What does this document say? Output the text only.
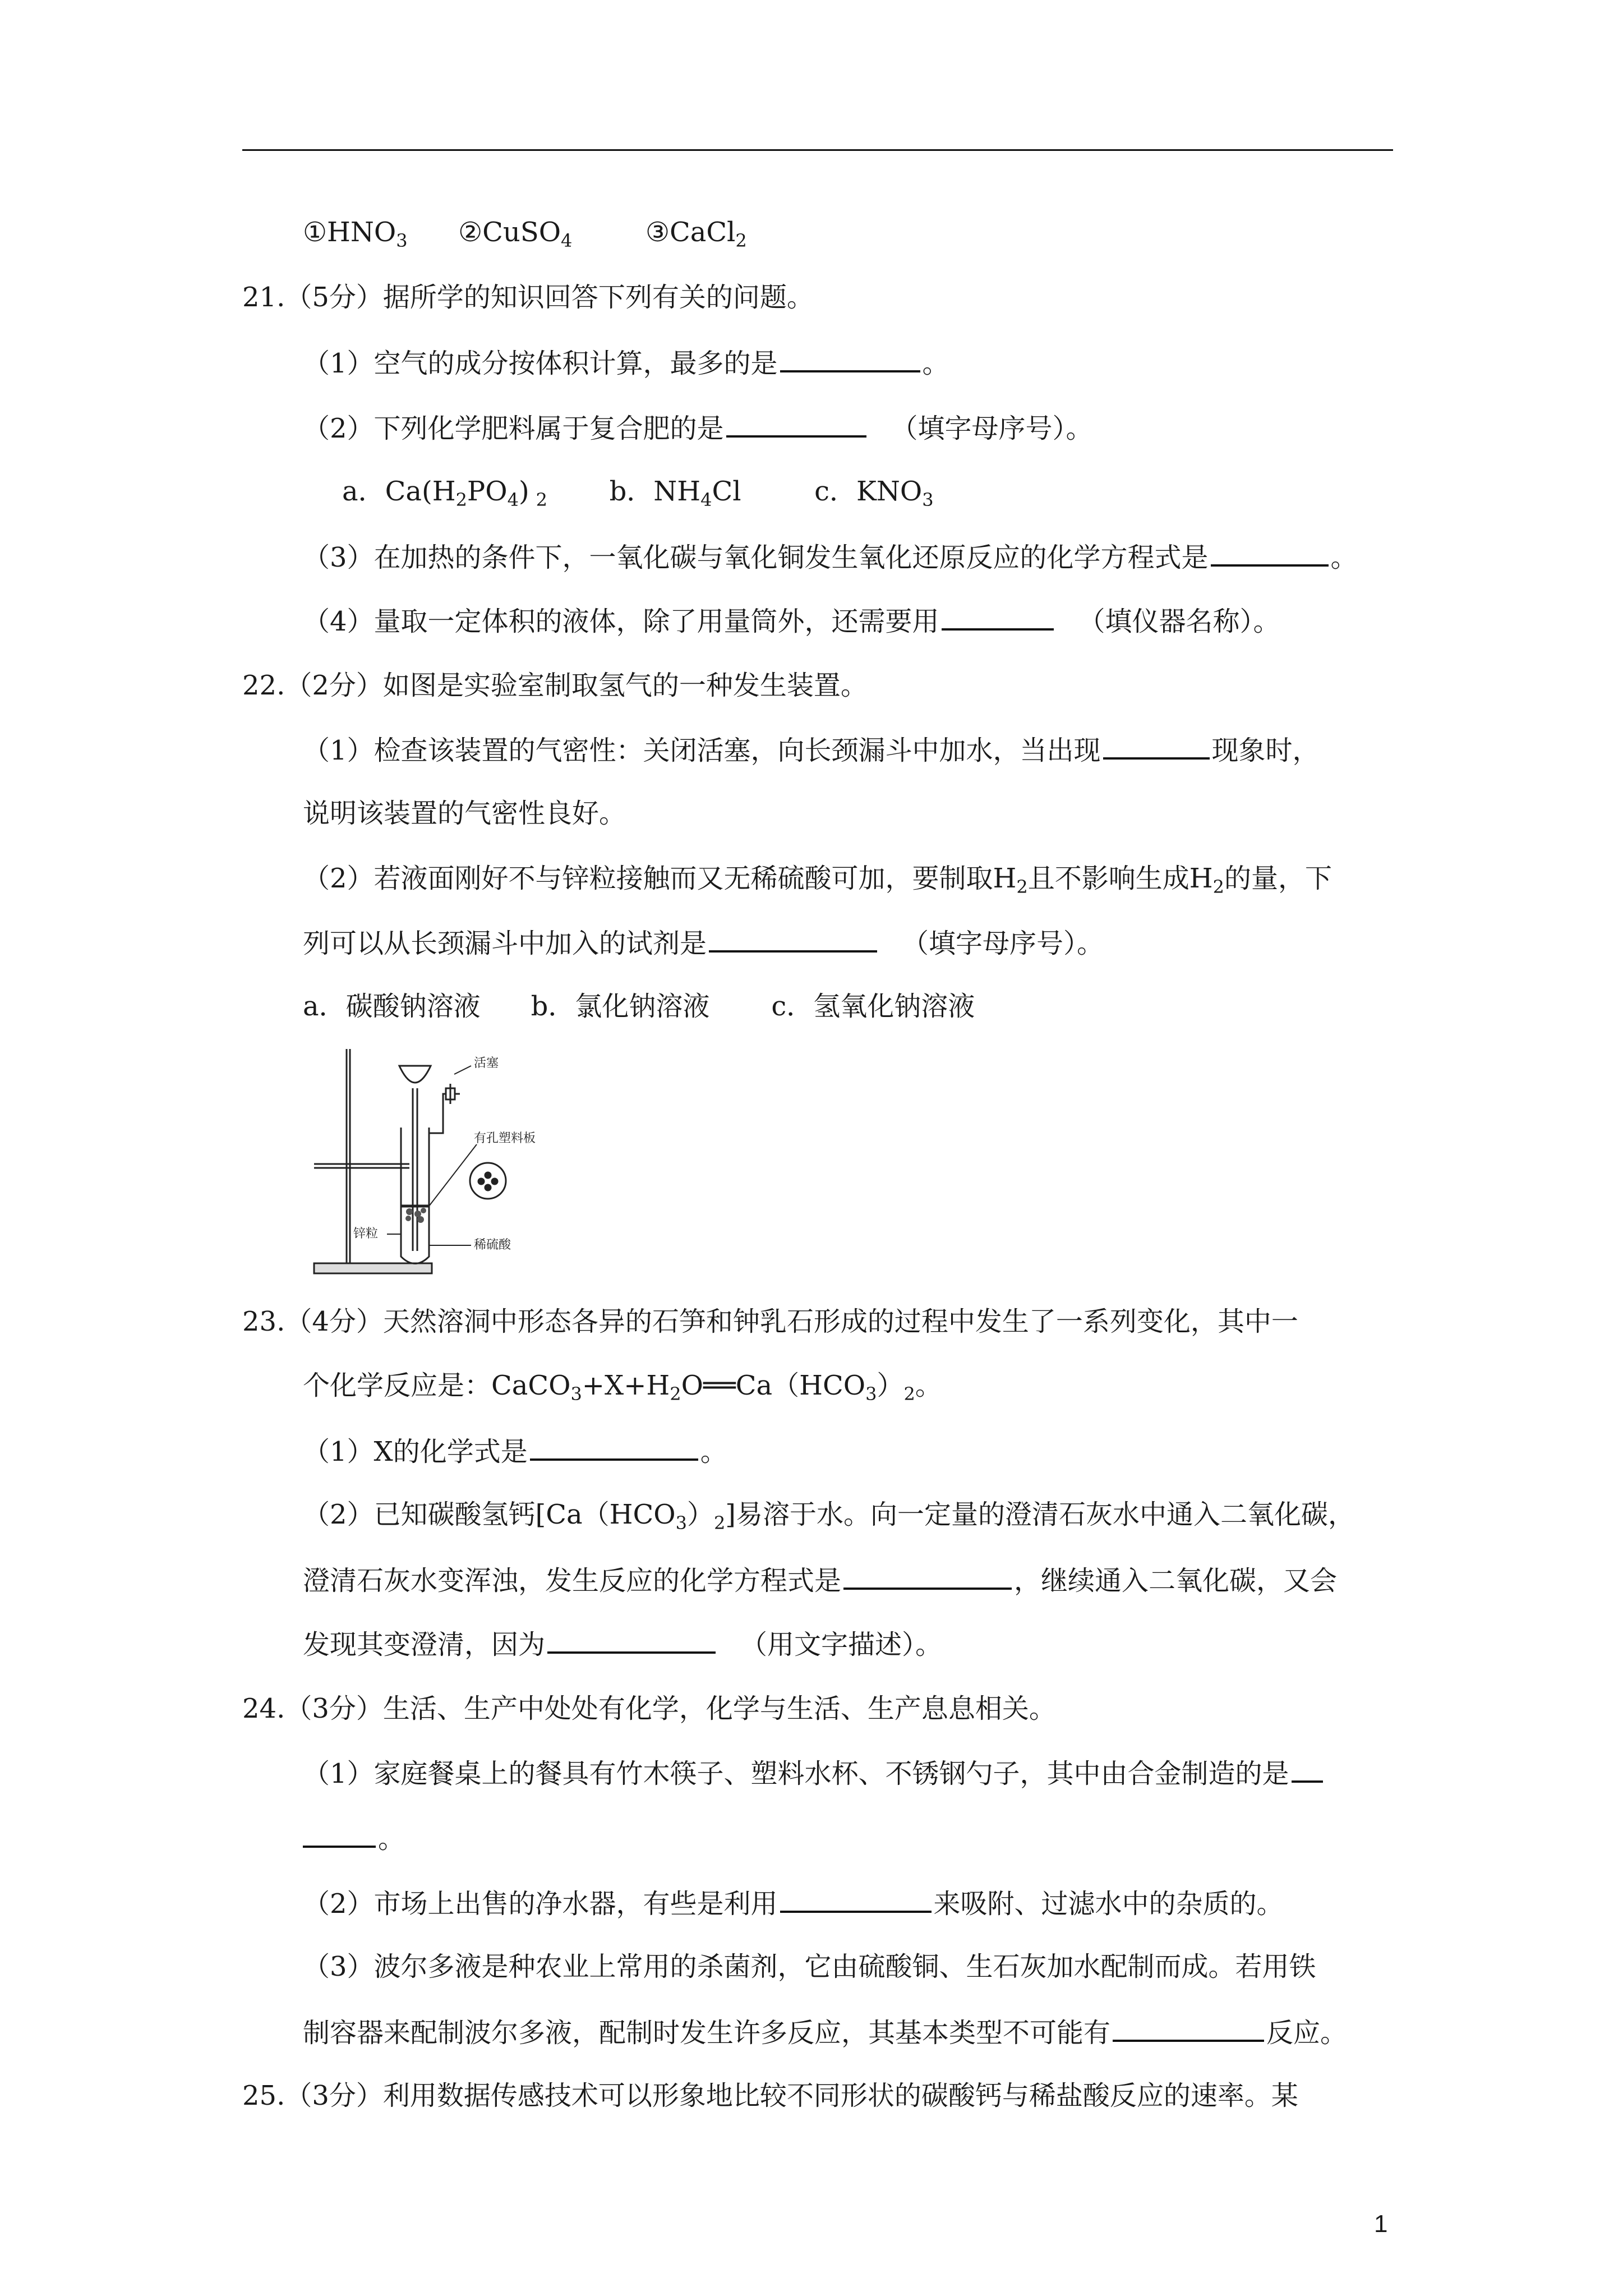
$①HNO_3$ ②CuSO$_4$	③CaCl$_2$
21.（5分）据所学的知识回答下列有关的问题。
（1）空气的成分按体积计算，最多的是	。
（2）下列化学肥料属于复合肥的是	（填字母序号）。
a．$Ca(H_2PO_4)$ $_2$ b．$NH_4Cl$	c．$KNO_3$
（3）在加热的条件下，一氧化碳与氧化铜发生氧化还原反应的化学方程式是	。
（4）量取一定体积的液体，除了用量筒外，还需要用	（填仪器名称）。
22.（2分）如图是实验室制取氢气的一种发生装置。
（1）检查该装置的气密性：关闭活塞，向长颈漏斗中加水，当出现	现象时，
说明该装置的气密性良好。
（2）若液面刚好不与锌粒接触而又无稀硫酸可加，要制取$H_2$且不影响生成$H_2$的量，下
列可以从长颈漏斗中加入的试剂是	（填字母序号）。
a．碳酸钠溶液 b．氯化钠溶液 c．氢氧化钠溶液
活塞
有孔塑料板
锌粒
稀硫酸
23.（4分）天然溶洞中形态各异的石笋和钟乳石形成的过程中发生了一系列变化，其中一
个化学反应是：$CaCO_3+X+H_2O══Ca(HCO_3)_2$。
（1）X的化学式是	。
（2）已知碳酸氢钙$[Ca(HCO_3)_2]$易溶于水。向一定量的澄清石灰水中通入二氧化碳，
澄清石灰水变浑浊，发生反应的化学方程式是	，继续通入二氧化碳，又会
发现其变澄清，因为	（用文字描述）。
24.（3分）生活、生产中处处有化学，化学与生活、生产息息相关。
（1）家庭餐桌上的餐具有竹木筷子、塑料水杯、不锈钢勺子，其中由合金制造的是
。
（2）市场上出售的净水器，有些是利用	来吸附、过滤水中的杂质的。
（3）波尔多液是种农业上常用的杀菌剂，它由硫酸铜、生石灰加水配制而成。若用铁
制容器来配制波尔多液，配制时发生许多反应，其基本类型不可能有	反应。
25.（3分）利用数据传感技术可以形象地比较不同形状的碳酸钙与稀盐酸反应的速率。某
1
